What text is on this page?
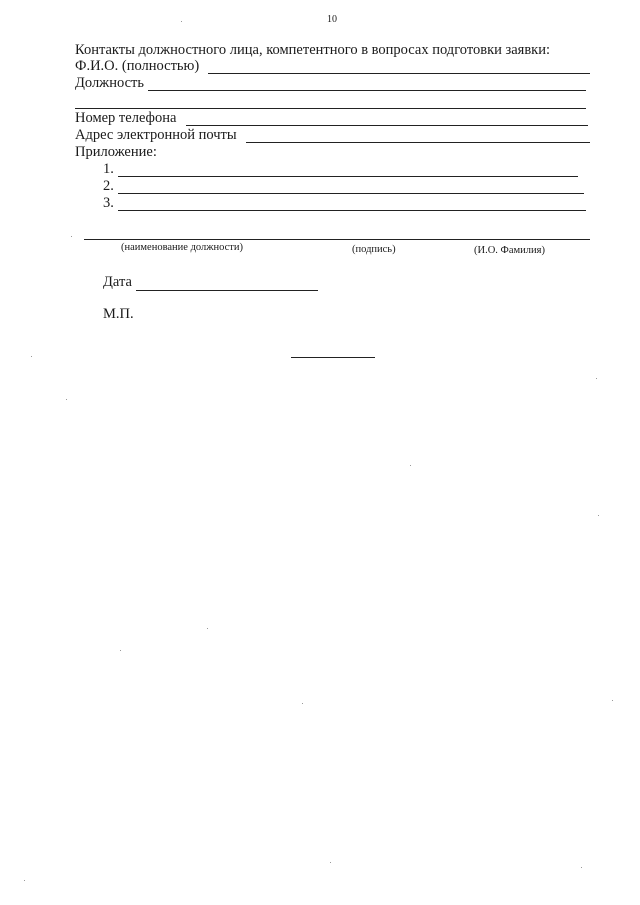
10
Контакты должностного лица, компетентного в вопросах подготовки заявки:
Ф.И.О. (полностью)
Должность
Номер телефона
Адрес электронной почты
Приложение:
1.
2.
3.
(наименование должности)	(подпись)	(И.О. Фамилия)
Дата
М.П.
